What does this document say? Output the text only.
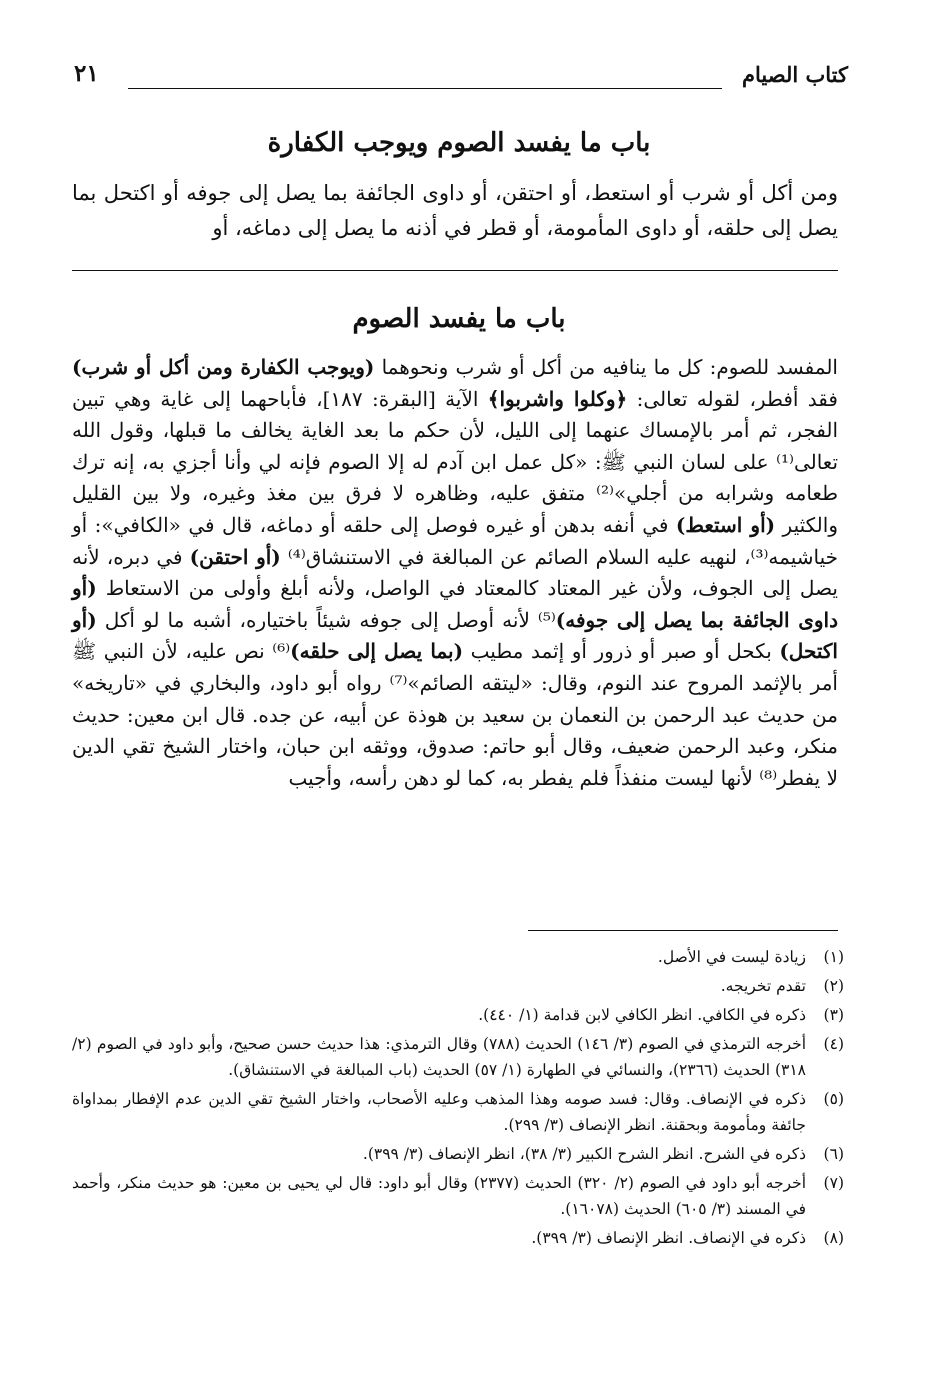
كتاب الصيام
٢١
باب ما يفسد الصوم ويوجب الكفارة
ومن أكل أو شرب أو استعط، أو احتقن، أو داوى الجائفة بما يصل إلى جوفه أو اكتحل بما يصل إلى حلقه، أو داوى المأمومة، أو قطر في أذنه ما يصل إلى دماغه، أو
باب ما يفسد الصوم

المفسد للصوم: كل ما ينافيه من أكل أو شرب ونحوهما (ويوجب الكفارة ومن أكل أو شرب) فقد أفطر، لقوله تعالى: ﴿وكلوا واشربوا﴾ الآية [البقرة: ١٨٧]، فأباحهما إلى غاية وهي تبين الفجر، ثم أمر بالإمساك عنهما إلى الليل، لأن حكم ما بعد الغاية يخالف ما قبلها، وقول الله تعالى⁽¹⁾ على لسان النبي ﷺ: «كل عمل ابن آدم له إلا الصوم فإنه لي وأنا أجزي به، إنه ترك طعامه وشرابه من أجلي»⁽²⁾ متفق عليه، وظاهره لا فرق بين مغذ وغيره، ولا بين القليل والكثير (أو استعط) في أنفه بدهن أو غيره فوصل إلى حلقه أو دماغه، قال في «الكافي»: أو خياشيمه⁽³⁾، لنهيه عليه السلام الصائم عن المبالغة في الاستنشاق⁽⁴⁾ (أو احتقن) في دبره، لأنه يصل إلى الجوف، ولأن غير المعتاد كالمعتاد في الواصل، ولأنه أبلغ وأولى من الاستعاط (أو داوى الجائفة بما يصل إلى جوفه)⁽⁵⁾ لأنه أوصل إلى جوفه شيئاً باختياره، أشبه ما لو أكل (أو اكتحل) بكحل أو صبر أو ذرور أو إثمد مطيب (بما يصل إلى حلقه)⁽⁶⁾ نص عليه، لأن النبي ﷺ أمر بالإثمد المروح عند النوم، وقال: «ليتقه الصائم»⁽⁷⁾ رواه أبو داود، والبخاري في «تاريخه» من حديث عبد الرحمن بن النعمان بن سعيد بن هوذة عن أبيه، عن جده. قال ابن معين: حديث منكر، وعبد الرحمن ضعيف، وقال أبو حاتم: صدوق، ووثقه ابن حبان، واختار الشيخ تقي الدين لا يفطر⁽⁸⁾ لأنها ليست منفذاً فلم يفطر به، كما لو دهن رأسه، وأجيب

(١)
زيادة ليست في الأصل.
(٢)
تقدم تخريجه.
(٣)
ذكره في الكافي. انظر الكافي لابن قدامة (١/ ٤٤٠).
(٤)
أخرجه الترمذي في الصوم (٣/ ١٤٦) الحديث (٧٨٨) وقال الترمذي: هذا حديث حسن صحيح، وأبو داود في الصوم (٢/ ٣١٨) الحديث (٢٣٦٦)، والنسائي في الطهارة (١/ ٥٧) الحديث (باب المبالغة في الاستنشاق).
(٥)
ذكره في الإنصاف. وقال: فسد صومه وهذا المذهب وعليه الأصحاب، واختار الشيخ تقي الدين عدم الإفطار بمداواة جائفة ومأمومة وبحقنة. انظر الإنصاف (٣/ ٢٩٩).
(٦)
ذكره في الشرح. انظر الشرح الكبير (٣/ ٣٨)، انظر الإنصاف (٣/ ٣٩٩).
(٧)
أخرجه أبو داود في الصوم (٢/ ٣٢٠) الحديث (٢٣٧٧) وقال أبو داود: قال لي يحيى بن معين: هو حديث منكر، وأحمد في المسند (٣/ ٦٠٥) الحديث (١٦٠٧٨).
(٨)
ذكره في الإنصاف. انظر الإنصاف (٣/ ٣٩٩).
